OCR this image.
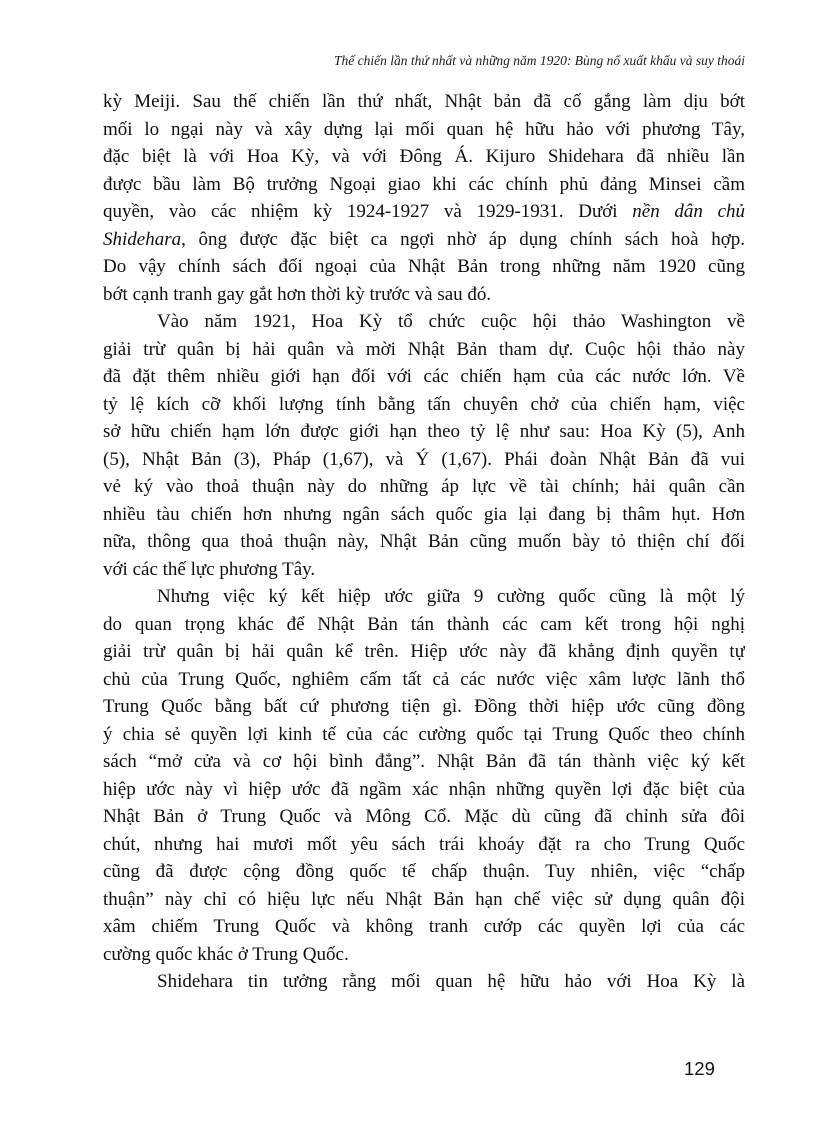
Thế chiến lần thứ nhất và những năm 1920: Bùng nổ xuất khẩu và suy thoái
kỳ Meiji. Sau thế chiến lần thứ nhất, Nhật bản đã cố gắng làm dịu bớt
mối lo ngại này và xây dựng lại mối quan hệ hữu hảo với phương Tây,
đặc biệt là với Hoa Kỳ, và với Đông Á. Kijuro Shidehara đã nhiều lần
được bầu làm Bộ trưởng Ngoại giao khi các chính phủ đảng Minsei cầm
quyền, vào các nhiệm kỳ 1924-1927 và 1929-1931. Dưới nền dân chủ
Shidehara, ông được đặc biệt ca ngợi nhờ áp dụng chính sách hoà hợp.
Do vậy chính sách đối ngoại của Nhật Bản trong những năm 1920 cũng
bớt cạnh tranh gay gắt hơn thời kỳ trước và sau đó.
Vào năm 1921, Hoa Kỳ tổ chức cuộc hội thảo Washington về
giải trừ quân bị hải quân và mời Nhật Bản tham dự. Cuộc hội thảo này
đã đặt thêm nhiều giới hạn đối với các chiến hạm của các nước lớn. Về
tỷ lệ kích cỡ khối lượng tính bằng tấn chuyên chở của chiến hạm, việc
sở hữu chiến hạm lớn được giới hạn theo tỷ lệ như sau: Hoa Kỳ (5), Anh
(5), Nhật Bản (3), Pháp (1,67), và Ý (1,67). Phái đoàn Nhật Bản đã vui
vẻ ký vào thoả thuận này do những áp lực về tài chính; hải quân cần
nhiều tàu chiến hơn nhưng ngân sách quốc gia lại đang bị thâm hụt. Hơn
nữa, thông qua thoả thuận này, Nhật Bản cũng muốn bày tỏ thiện chí đối
với các thế lực phương Tây.
Nhưng việc ký kết hiệp ước giữa 9 cường quốc cũng là một lý
do quan trọng khác để Nhật Bản tán thành các cam kết trong hội nghị
giải trừ quân bị hải quân kể trên. Hiệp ước này đã khẳng định quyền tự
chủ của Trung Quốc, nghiêm cấm tất cả các nước việc xâm lược lãnh thổ
Trung Quốc bằng bất cứ phương tiện gì. Đồng thời hiệp ước cũng đồng
ý chia sẻ quyền lợi kinh tế của các cường quốc tại Trung Quốc theo chính
sách “mở cửa và cơ hội bình đẳng”. Nhật Bản đã tán thành việc ký kết
hiệp ước này vì hiệp ước đã ngầm xác nhận những quyền lợi đặc biệt của
Nhật Bản ở Trung Quốc và Mông Cổ. Mặc dù cũng đã chỉnh sửa đôi
chút, nhưng hai mươi mốt yêu sách trái khoáy đặt ra cho Trung Quốc
cũng đã được cộng đồng quốc tế chấp thuận. Tuy nhiên, việc “chấp
thuận” này chỉ có hiệu lực nếu Nhật Bản hạn chế việc sử dụng quân đội
xâm chiếm Trung Quốc và không tranh cướp các quyền lợi của các
cường quốc khác ở Trung Quốc.
Shidehara tin tưởng rằng mối quan hệ hữu hảo với Hoa Kỳ là
129
